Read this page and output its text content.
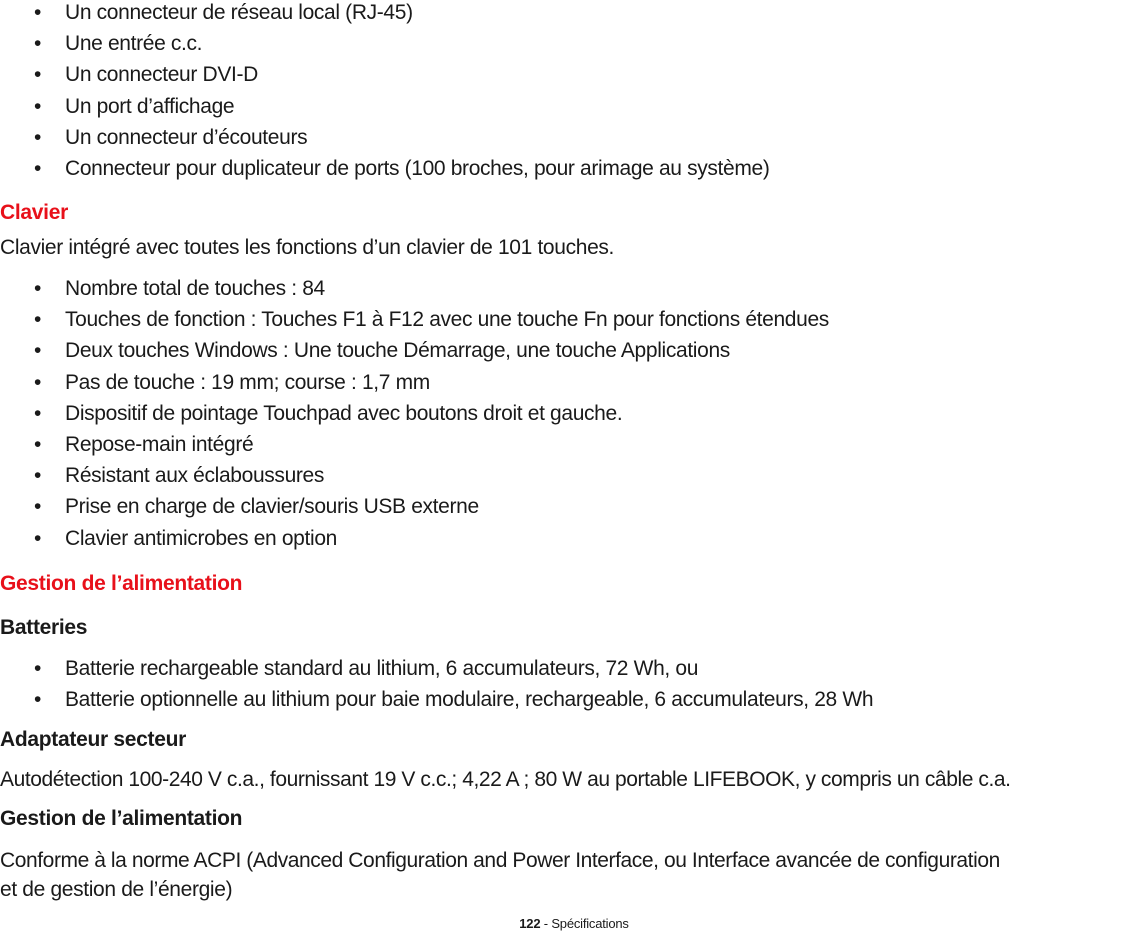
• Un connecteur de réseau local (RJ-45)
• Une entrée c.c.
• Un connecteur DVI-D
• Un port d’affichage
• Un connecteur d’écouteurs
• Connecteur pour duplicateur de ports (100 broches, pour arimage au système)
Clavier

Clavier intégré avec toutes les fonctions d’un clavier de 101 touches.

• Nombre total de touches : 84
• Touches de fonction : Touches F1 à F12 avec une touche Fn pour fonctions étendues
• Deux touches Windows : Une touche Démarrage, une touche Applications
• Pas de touche : 19 mm; course : 1,7 mm
• Dispositif de pointage Touchpad avec boutons droit et gauche.
• Repose-main intégré
• Résistant aux éclaboussures
• Prise en charge de clavier/souris USB externe
• Clavier antimicrobes en option
Gestion de l’alimentation
Batteries
• Batterie rechargeable standard au lithium, 6 accumulateurs, 72 Wh, ou
• Batterie optionnelle au lithium pour baie modulaire, rechargeable, 6 accumulateurs, 28 Wh
Adaptateur secteur

Autodétection 100-240 V c.a., fournissant 19 V c.c.; 4,22 A ; 80 W au portable LIFEBOOK, y compris un câble c.a.

Gestion de l’alimentation

Conforme à la norme ACPI (Advanced Configuration and Power Interface, ou Interface avancée de configuration

et de gestion de l’énergie)

122 - Spécifications
